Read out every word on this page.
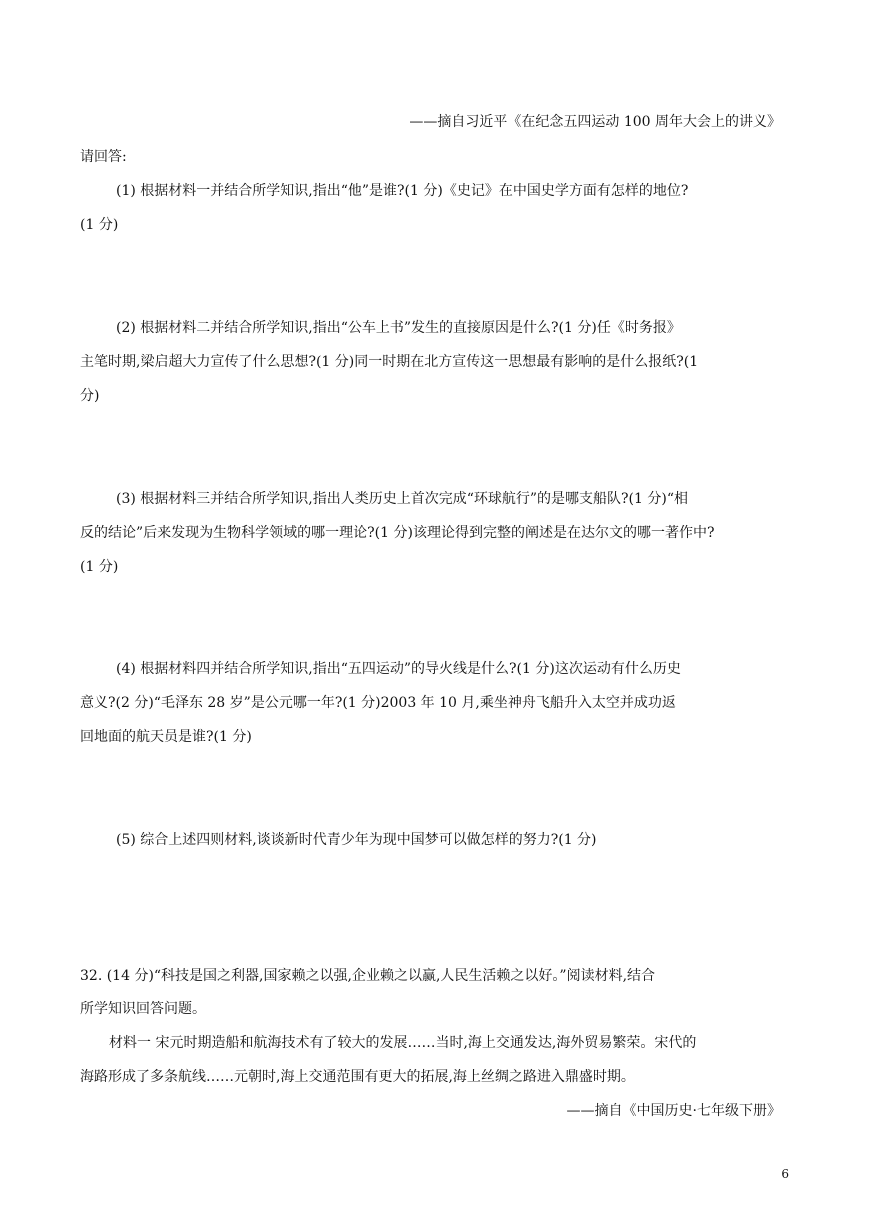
——摘自习近平《在纪念五四运动 100 周年大会上的讲义》
请回答:
(1) 根据材料一并结合所学知识,指出“他”是谁?(1 分)《史记》在中国史学方面有怎样的地位?
(1 分)
(2) 根据材料二并结合所学知识,指出“公车上书”发生的直接原因是什么?(1 分)任《时务报》
主笔时期,梁启超大力宣传了什么思想?(1 分)同一时期在北方宣传这一思想最有影响的是什么报纸?(1
分)
(3) 根据材料三并结合所学知识,指出人类历史上首次完成“环球航行”的是哪支船队?(1 分)“相
反的结论”后来发现为生物科学领域的哪一理论?(1 分)该理论得到完整的阐述是在达尔文的哪一著作中?
(1 分)
(4) 根据材料四并结合所学知识,指出“五四运动”的导火线是什么?(1 分)这次运动有什么历史
意义?(2 分)“毛泽东 28 岁”是公元哪一年?(1 分)2003 年 10 月,乘坐神舟飞船升入太空并成功返
回地面的航天员是谁?(1 分)
(5) 综合上述四则材料,谈谈新时代青少年为现中国梦可以做怎样的努力?(1 分)
32. (14 分)“科技是国之利器,国家赖之以强,企业赖之以赢,人民生活赖之以好。”阅读材料,结合
所学知识回答问题。
材料一 宋元时期造船和航海技术有了较大的发展……当时,海上交通发达,海外贸易繁荣。宋代的
海路形成了多条航线……元朝时,海上交通范围有更大的拓展,海上丝绸之路进入鼎盛时期。
——摘自《中国历史·七年级下册》
6
